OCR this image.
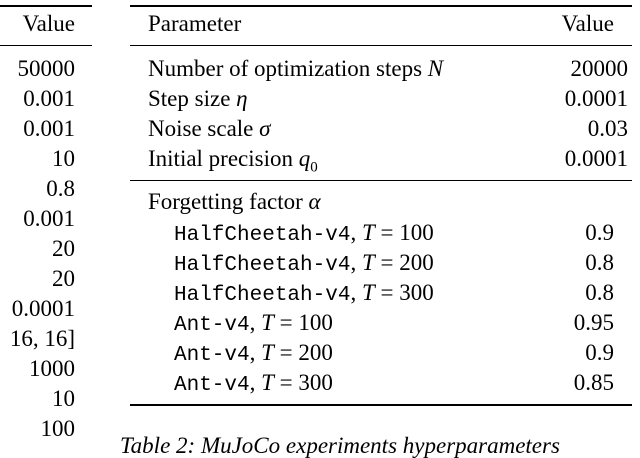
Value
50000
0.001
0.001
10
0.8
0.001
20
20
0.0001
16, 16]
1000
10
100
Parameter	Value
Number of optimization steps N	20000
Step size η	0.0001
Noise scale σ	0.03
Initial precision $q_0$	0.0001
Forgetting factor α
HalfCheetah-v4, T = 100	0.9
HalfCheetah-v4, T = 200	0.8
HalfCheetah-v4, T = 300	0.8
Ant-v4, T = 100	0.95
Ant-v4, T = 200	0.9
Ant-v4, T = 300	0.85
Table 2: MuJoCo experiments hyperparameters
